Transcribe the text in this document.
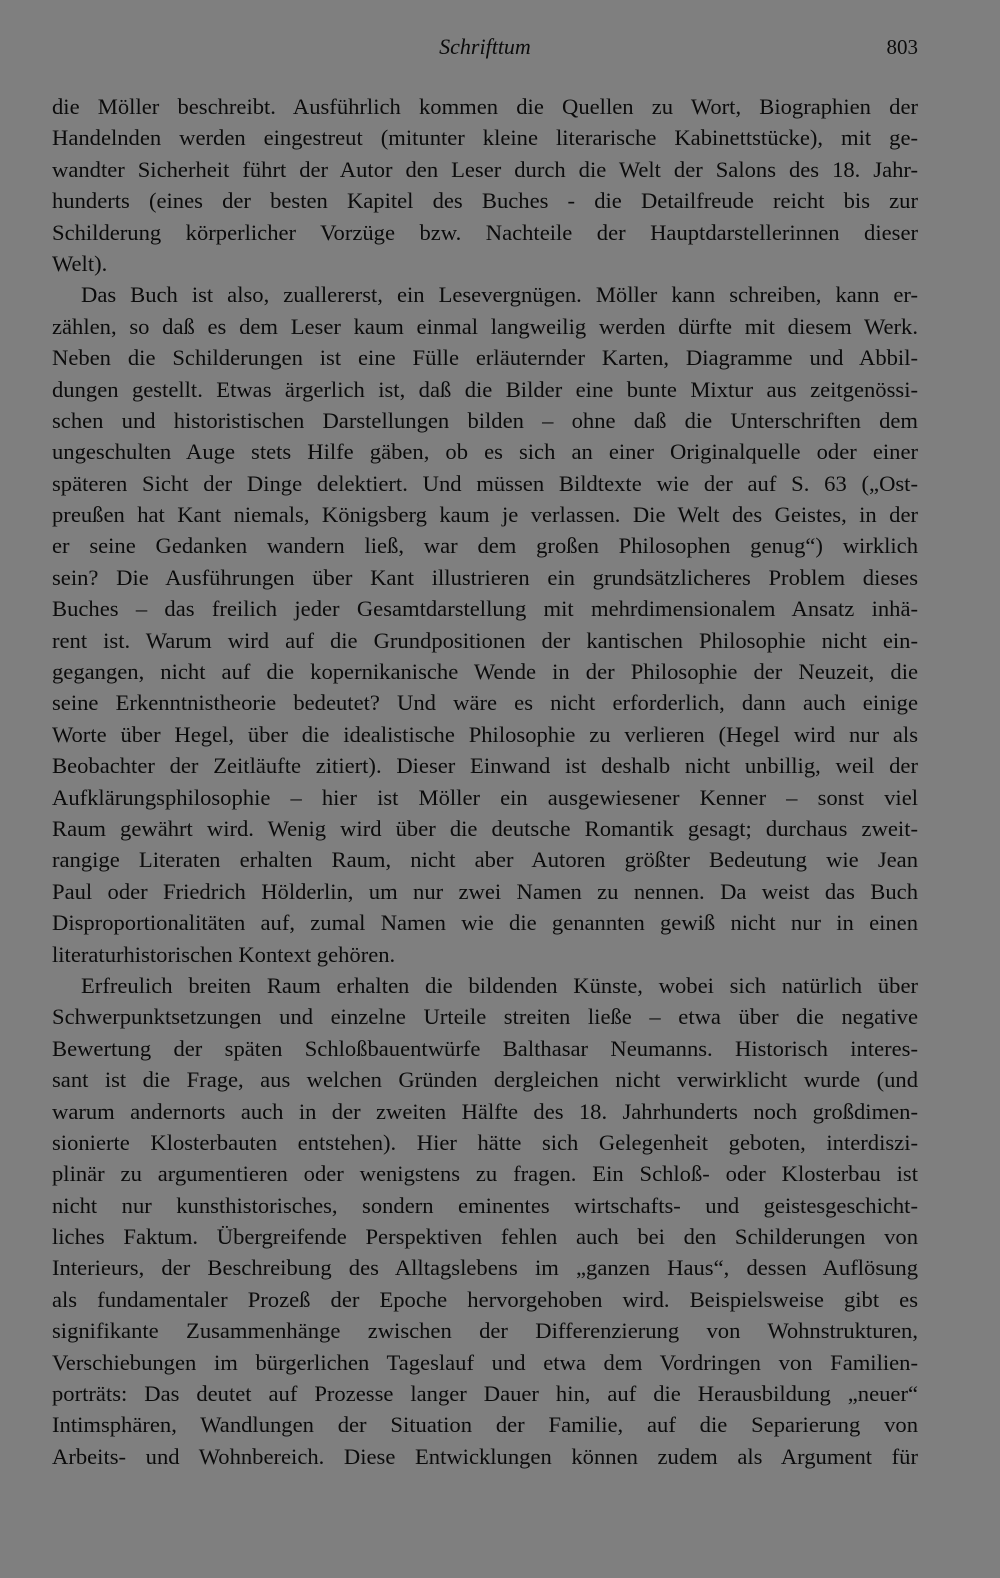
Schrifttum	803
die Möller beschreibt. Ausführlich kommen die Quellen zu Wort, Biographien der
Handelnden werden eingestreut (mitunter kleine literarische Kabinettstücke), mit ge-
wandter Sicherheit führt der Autor den Leser durch die Welt der Salons des 18. Jahr-
hunderts (eines der besten Kapitel des Buches - die Detailfreude reicht bis zur
Schilderung körperlicher Vorzüge bzw. Nachteile der Hauptdarstellerinnen dieser
Welt).
Das Buch ist also, zuallererst, ein Lesevergnügen. Möller kann schreiben, kann er-
zählen, so daß es dem Leser kaum einmal langweilig werden dürfte mit diesem Werk.
Neben die Schilderungen ist eine Fülle erläuternder Karten, Diagramme und Abbil-
dungen gestellt. Etwas ärgerlich ist, daß die Bilder eine bunte Mixtur aus zeitgenössi-
schen und historistischen Darstellungen bilden – ohne daß die Unterschriften dem
ungeschulten Auge stets Hilfe gäben, ob es sich an einer Originalquelle oder einer
späteren Sicht der Dinge delektiert. Und müssen Bildtexte wie der auf S. 63 („Ost-
preußen hat Kant niemals, Königsberg kaum je verlassen. Die Welt des Geistes, in der
er seine Gedanken wandern ließ, war dem großen Philosophen genug“) wirklich
sein? Die Ausführungen über Kant illustrieren ein grundsätzlicheres Problem dieses
Buches – das freilich jeder Gesamtdarstellung mit mehrdimensionalem Ansatz inhä-
rent ist. Warum wird auf die Grundpositionen der kantischen Philosophie nicht ein-
gegangen, nicht auf die kopernikanische Wende in der Philosophie der Neuzeit, die
seine Erkenntnistheorie bedeutet? Und wäre es nicht erforderlich, dann auch einige
Worte über Hegel, über die idealistische Philosophie zu verlieren (Hegel wird nur als
Beobachter der Zeitläufte zitiert). Dieser Einwand ist deshalb nicht unbillig, weil der
Aufklärungsphilosophie – hier ist Möller ein ausgewiesener Kenner – sonst viel
Raum gewährt wird. Wenig wird über die deutsche Romantik gesagt; durchaus zweit-
rangige Literaten erhalten Raum, nicht aber Autoren größter Bedeutung wie Jean
Paul oder Friedrich Hölderlin, um nur zwei Namen zu nennen. Da weist das Buch
Disproportionalitäten auf, zumal Namen wie die genannten gewiß nicht nur in einen
literaturhistorischen Kontext gehören.
Erfreulich breiten Raum erhalten die bildenden Künste, wobei sich natürlich über
Schwerpunktsetzungen und einzelne Urteile streiten ließe – etwa über die negative
Bewertung der späten Schloßbauentwürfe Balthasar Neumanns. Historisch interes-
sant ist die Frage, aus welchen Gründen dergleichen nicht verwirklicht wurde (und
warum andernorts auch in der zweiten Hälfte des 18. Jahrhunderts noch großdimen-
sionierte Klosterbauten entstehen). Hier hätte sich Gelegenheit geboten, interdiszi-
plinär zu argumentieren oder wenigstens zu fragen. Ein Schloß- oder Klosterbau ist
nicht nur kunsthistorisches, sondern eminentes wirtschafts- und geistesgeschicht-
liches Faktum. Übergreifende Perspektiven fehlen auch bei den Schilderungen von
Interieurs, der Beschreibung des Alltagslebens im „ganzen Haus“, dessen Auflösung
als fundamentaler Prozeß der Epoche hervorgehoben wird. Beispielsweise gibt es
signifikante Zusammenhänge zwischen der Differenzierung von Wohnstrukturen,
Verschiebungen im bürgerlichen Tageslauf und etwa dem Vordringen von Familien-
porträts: Das deutet auf Prozesse langer Dauer hin, auf die Herausbildung „neuer“
Intimsphären, Wandlungen der Situation der Familie, auf die Separierung von
Arbeits- und Wohnbereich. Diese Entwicklungen können zudem als Argument für
